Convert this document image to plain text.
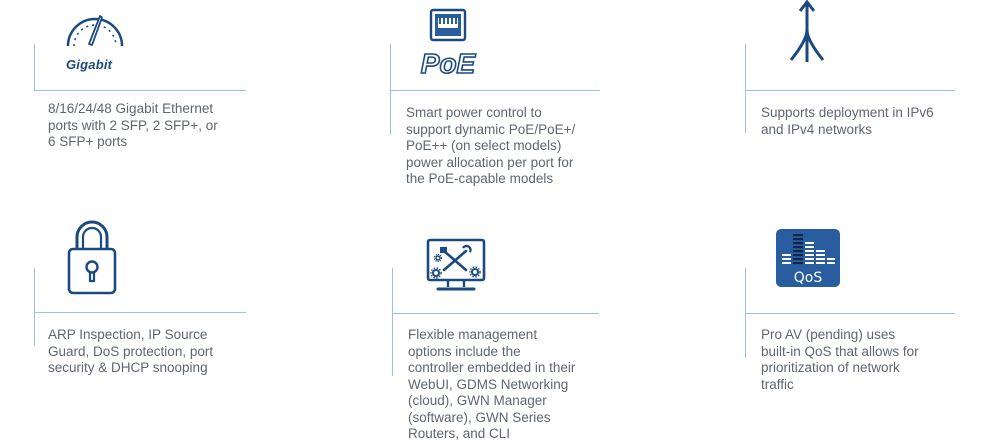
Gigabit
8/16/24/48 Gigabit Ethernet
ports with 2 SFP, 2 SFP+, or
6 SFP+ ports
PoE
Smart power control to
support dynamic PoE/PoE+/
PoE++ (on select models)
power allocation per port for
the PoE-capable models
Supports deployment in IPv6
and IPv4 networks
ARP Inspection, IP Source
Guard, DoS protection, port
security & DHCP snooping
Flexible management
options include the
controller embedded in their
WebUI, GDMS Networking
(cloud), GWN Manager
(software), GWN Series
Routers, and CLI
QoS
Pro AV (pending) uses
built-in QoS that allows for
prioritization of network
traffic
